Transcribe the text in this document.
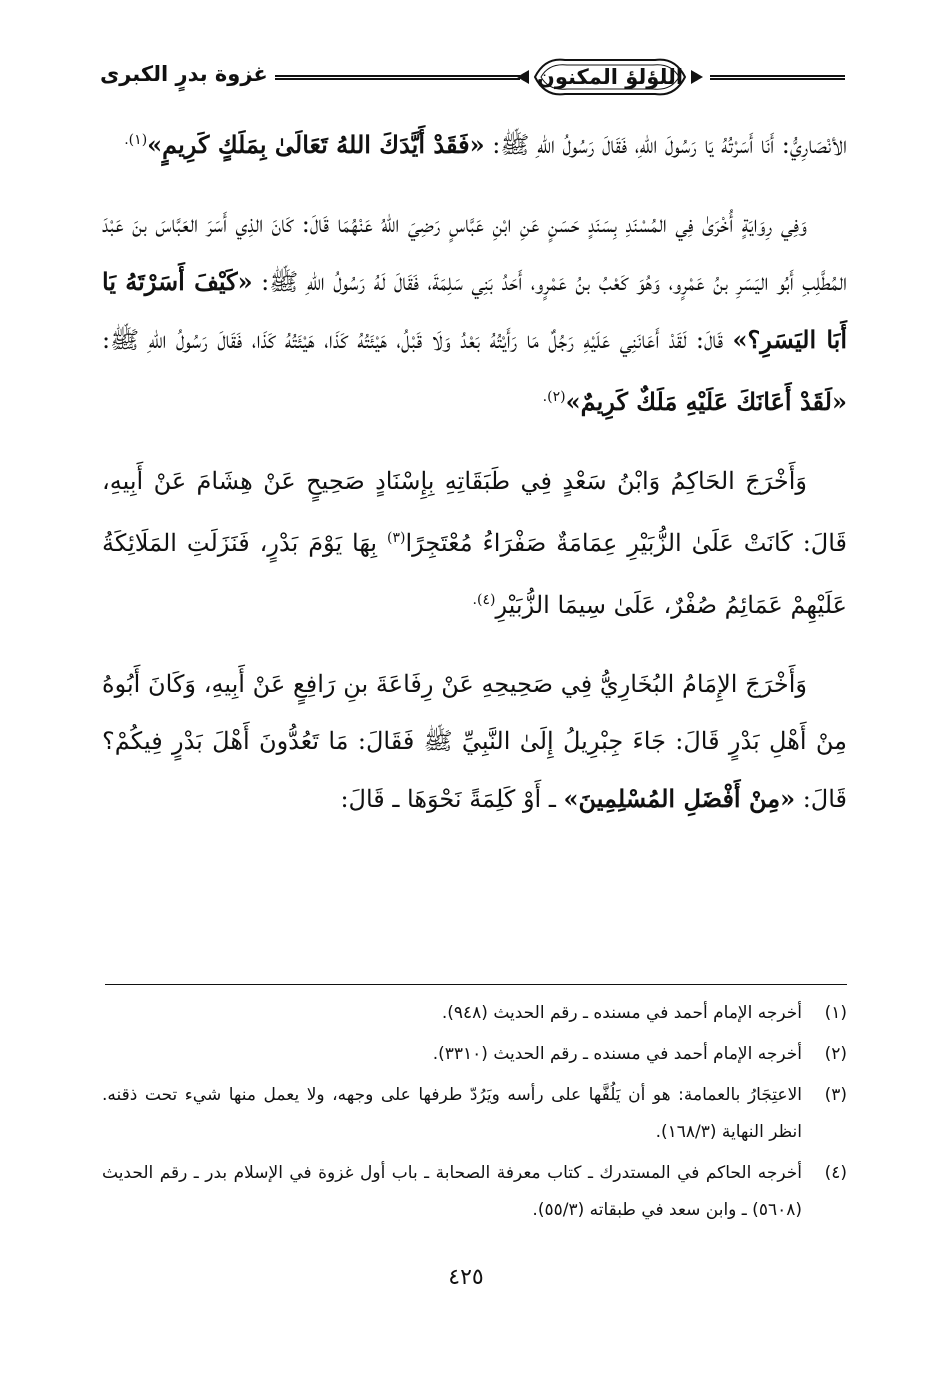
اللؤلؤ المكنون
غزوة بدرٍ الكبرى

الأنْصَارِيُّ: أَنَا أَسَرْتُهُ يَا رَسُولَ اللهِ، فَقَالَ رَسُولُ اللهِ ﷺ: «فَقَدْ أَيَّدَكَ اللهُ تَعَالَىٰ بِمَلَكٍ كَرِيمٍ»$^{(١).}$

وَفِي رِوَايَةٍ أُخْرَىٰ فِي المُسْنَدِ بِسَنَدٍ حَسَنٍ عَنِ ابْنِ عَبَّاسٍ رَضِيَ اللهُ عَنْهُمَا قَالَ: كَانَ الذِي أَسَرَ العَبَّاسَ بنَ عَبْدَ المُطَّلِبِ أَبُو اليَسَرِ بنُ عَمْرٍو، وَهُوَ كَعْبُ بنُ عَمْرٍو، أَحَدُ بَنِي سَلِمَةَ، فَقَالَ لَهُ رَسُولُ اللهِ ﷺ: «كَيْفَ أَسَرْتَهُ يَا أَبَا اليَسَرِ؟» قَالَ: لَقَدْ أَعَانَنِي عَلَيْهِ رَجُلٌ مَا رَأَيْتُهُ بَعْدُ وَلَا قَبْلُ، هَيْئَتُهُ كَذَا، هَيْئَتُهُ كَذَا، فَقَالَ رَسُولُ اللهِ ﷺ: «لَقَدْ أَعَانَكَ عَلَيْهِ مَلَكٌ كَرِيمٌ»$^{(٢).}$

وَأَخْرَجَ الحَاكِمُ وَابْنُ سَعْدٍ فِي طَبَقَاتِهِ بِإِسْنَادٍ صَحِيحٍ عَنْ هِشَامَ عَنْ أَبِيهِ، قَالَ: كَانَتْ عَلَىٰ الزُّبَيْرِ عِمَامَةٌ صَفْرَاءُ مُعْتَجِرًا$^{(٣)}$ بِهَا يَوْمَ بَدْرٍ، فَنَزَلَتِ المَلَائِكَةُ عَلَيْهِمْ عَمَائِمُ صُفْرٌ، عَلَىٰ سِيمَا الزُّبَيْرِ$^{(٤).}$

وَأَخْرَجَ الإِمَامُ البُخَارِيُّ فِي صَحِيحِهِ عَنْ رِفَاعَةَ بنِ رَافِعٍ عَنْ أَبِيهِ، وَكَانَ أَبُوهُ مِنْ أَهْلِ بَدْرٍ قَالَ: جَاءَ جِبْرِيلُ إِلَىٰ النَّبِيِّ ﷺ فَقَالَ: مَا تَعُدُّونَ أَهْلَ بَدْرٍ فِيكُمْ؟ قَالَ: «مِنْ أَفْضَلِ المُسْلِمِينَ» ـ أَوْ كَلِمَةً نَحْوَهَا ـ قَالَ:

(١)
أخرجه الإمام أحمد في مسنده ـ رقم الحديث (٩٤٨).
(٢)
أخرجه الإمام أحمد في مسنده ـ رقم الحديث (٣٣١٠).
(٣)
الاعتِجَارُ بالعمامة: هو أن يَلُفَّها على رأسه ويَرُدّ طرفها على وجهه، ولا يعمل منها شيء تحت ذقنه. انظر النهاية (١٦٨/٣).
(٤)
أخرجه الحاكم في المستدرك ـ كتاب معرفة الصحابة ـ باب أول غزوة في الإسلام بدر ـ رقم الحديث (٥٦٠٨) ـ وابن سعد في طبقاته (٥٥/٣).
٤٢٥
